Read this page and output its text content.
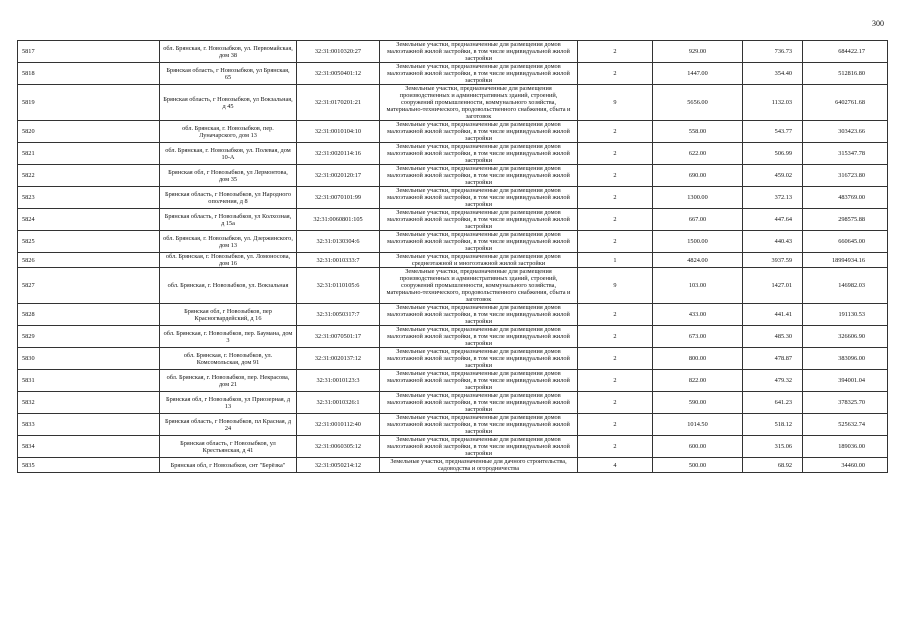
300
5817	обл. Брянская, г. Новозыбков, ул. Первомайская, дом 38	32:31:0010320:27	Земельные участки, предназначенные для размещения домов малоэтажной жилой застройки, в том числе индивидуальной жилой застройки	2	929.00	736.73	684422.17
5818	Брянская область, г Новозыбков, ул Брянская, 65	32:31:0050401:12	Земельные участки, предназначенные для размещения домов малоэтажной жилой застройки, в том числе индивидуальной жилой застройки	2	1447.00	354.40	512816.80
5819	Брянская область, г Новозыбков, ул Вокзальная, д 45	32:31:0170201:21	Земельные участки, предназначенные для размещения производственных и административных зданий, строений, сооружений промышленности, коммунального хозяйства, материально-технического, продовольственного снабжения, сбыта и заготовок	9	5656.00	1132.03	6402761.68
5820	обл. Брянская, г. Новозыбков, пер. Луначарского, дом 13	32:31:0010104:10	Земельные участки, предназначенные для размещения домов малоэтажной жилой застройки, в том числе индивидуальной жилой застройки	2	558.00	543.77	303423.66
5821	обл. Брянская, г. Новозыбков, ул. Полевая, дом 10-А	32:31:0020114:16	Земельные участки, предназначенные для размещения домов малоэтажной жилой застройки, в том числе индивидуальной жилой застройки	2	622.00	506.99	315347.78
5822	Брянская обл, г Новозыбков, ул Лермонтова, дом 35	32:31:0020120:17	Земельные участки, предназначенные для размещения домов малоэтажной жилой застройки, в том числе индивидуальной жилой застройки	2	690.00	459.02	316723.80
5823	Брянская область, г Новозыбков, ул Народного ополчения, д 8	32:31:0070101:99	Земельные участки, предназначенные для размещения домов малоэтажной жилой застройки, в том числе индивидуальной жилой застройки	2	1300.00	372.13	483769.00
5824	Брянская область, г Новозыбков, ул Колхозная, д 15а	32:31:0060801:105	Земельные участки, предназначенные для размещения домов малоэтажной жилой застройки, в том числе индивидуальной жилой застройки	2	667.00	447.64	298575.88
5825	обл. Брянская, г. Новозыбков, ул. Дзержинского, дом 13	32:31:0130304:6	Земельные участки, предназначенные для размещения домов малоэтажной жилой застройки, в том числе индивидуальной жилой застройки	2	1500.00	440.43	660645.00
5826	обл. Брянская, г. Новозыбков, ул. Ломоносова, дом 16	32:31:0010333:7	Земельные участки, предназначенные для размещения домов среднеэтажной и многоэтажной жилой застройки	1	4824.00	3937.59	18994934.16
5827	обл. Брянская, г. Новозыбков, ул. Вокзальная	32:31:0110105:6	Земельные участки, предназначенные для размещения производственных и административных зданий, строений, сооружений промышленности, коммунального хозяйства, материально-технического, продовольственного снабжения, сбыта и заготовок	9	103.00	1427.01	146982.03
5828	Брянская обл, г Новозыбков, пер Красногвардейский, д 16	32:31:0050317:7	Земельные участки, предназначенные для размещения домов малоэтажной жилой застройки, в том числе индивидуальной жилой застройки	2	433.00	441.41	191130.53
5829	обл. Брянская, г. Новозыбков, пер. Баумана, дом 3	32:31:0070501:17	Земельные участки, предназначенные для размещения домов малоэтажной жилой застройки, в том числе индивидуальной жилой застройки	2	673.00	485.30	326606.90
5830	обл. Брянская, г. Новозыбков, ул. Комсомольская, дом 91	32:31:0020137:12	Земельные участки, предназначенные для размещения домов малоэтажной жилой застройки, в том числе индивидуальной жилой застройки	2	800.00	478.87	383096.00
5831	обл. Брянская, г. Новозыбков, пер. Некрасова, дом 21	32:31:0010123:3	Земельные участки, предназначенные для размещения домов малоэтажной жилой застройки, в том числе индивидуальной жилой застройки	2	822.00	479.32	394001.04
5832	Брянская обл, г Новозыбков, ул Приозерная, д 13	32:31:0010326:1	Земельные участки, предназначенные для размещения домов малоэтажной жилой застройки, в том числе индивидуальной жилой застройки	2	590.00	641.23	378325.70
5833	Брянская область, г Новозыбков, пл Красная, д 24	32:31:0010112:40	Земельные участки, предназначенные для размещения домов малоэтажной жилой застройки, в том числе индивидуальной жилой застройки	2	1014.50	518.12	525632.74
5834	Брянская область, г Новозыбков, ул Крестьянская, д 41	32:31:0060305:12	Земельные участки, предназначенные для размещения домов малоэтажной жилой застройки, в том числе индивидуальной жилой застройки	2	600.00	315.06	189036.00
5835	Брянская обл, г Новозыбков, снт "Берёзка"	32:31:0050214:12	Земельные участки, предназначенные для дачного строительства, садоводства и огородничества	4	500.00	68.92	34460.00
